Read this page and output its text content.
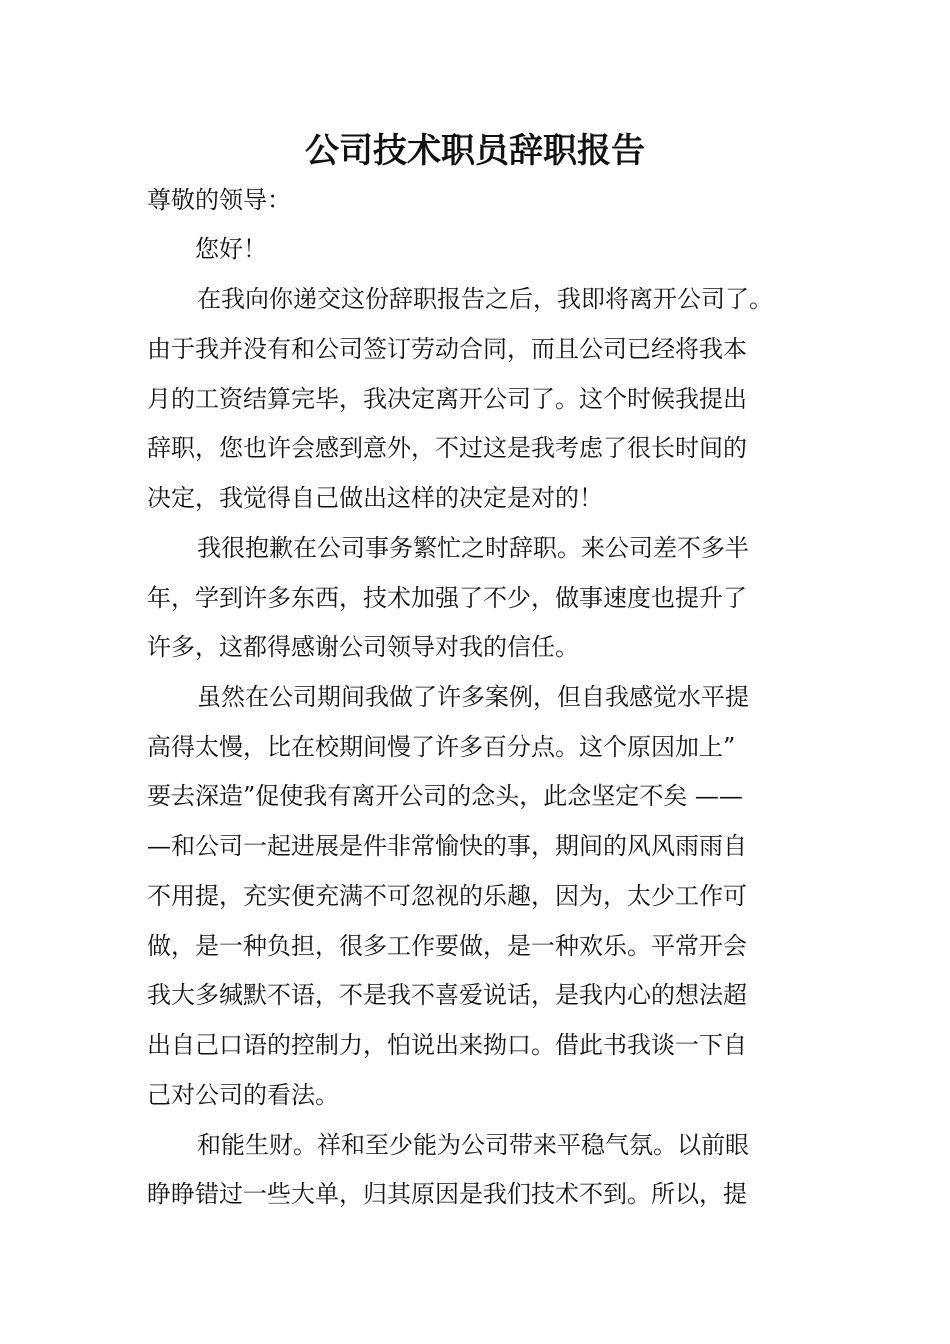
公司技术职员辞职报告
尊敬的领导：
您好！
在我向你递交这份辞职报告之后，我即将离开公司了。
由于我并没有和公司签订劳动合同，而且公司已经将我本
月的工资结算完毕，我决定离开公司了。这个时候我提出
辞职，您也许会感到意外，不过这是我考虑了很长时间的
决定，我觉得自己做出这样的决定是对的！
我很抱歉在公司事务繁忙之时辞职。来公司差不多半
年，学到许多东西，技术加强了不少，做事速度也提升了
许多，这都得感谢公司领导对我的信任。
虽然在公司期间我做了许多案例，但自我感觉水平提
高得太慢，比在校期间慢了许多百分点。这个原因加上”
要去深造”促使我有离开公司的念头，此念坚定不矣 ——
—和公司一起进展是件非常愉快的事，期间的风风雨雨自
不用提，充实便充满不可忽视的乐趣，因为，太少工作可
做，是一种负担，很多工作要做，是一种欢乐。平常开会
我大多缄默不语，不是我不喜爱说话，是我内心的想法超
出自己口语的控制力，怕说出来拗口。借此书我谈一下自
己对公司的看法。
和能生财。祥和至少能为公司带来平稳气氛。以前眼
睁睁错过一些大单，归其原因是我们技术不到。所以，提
